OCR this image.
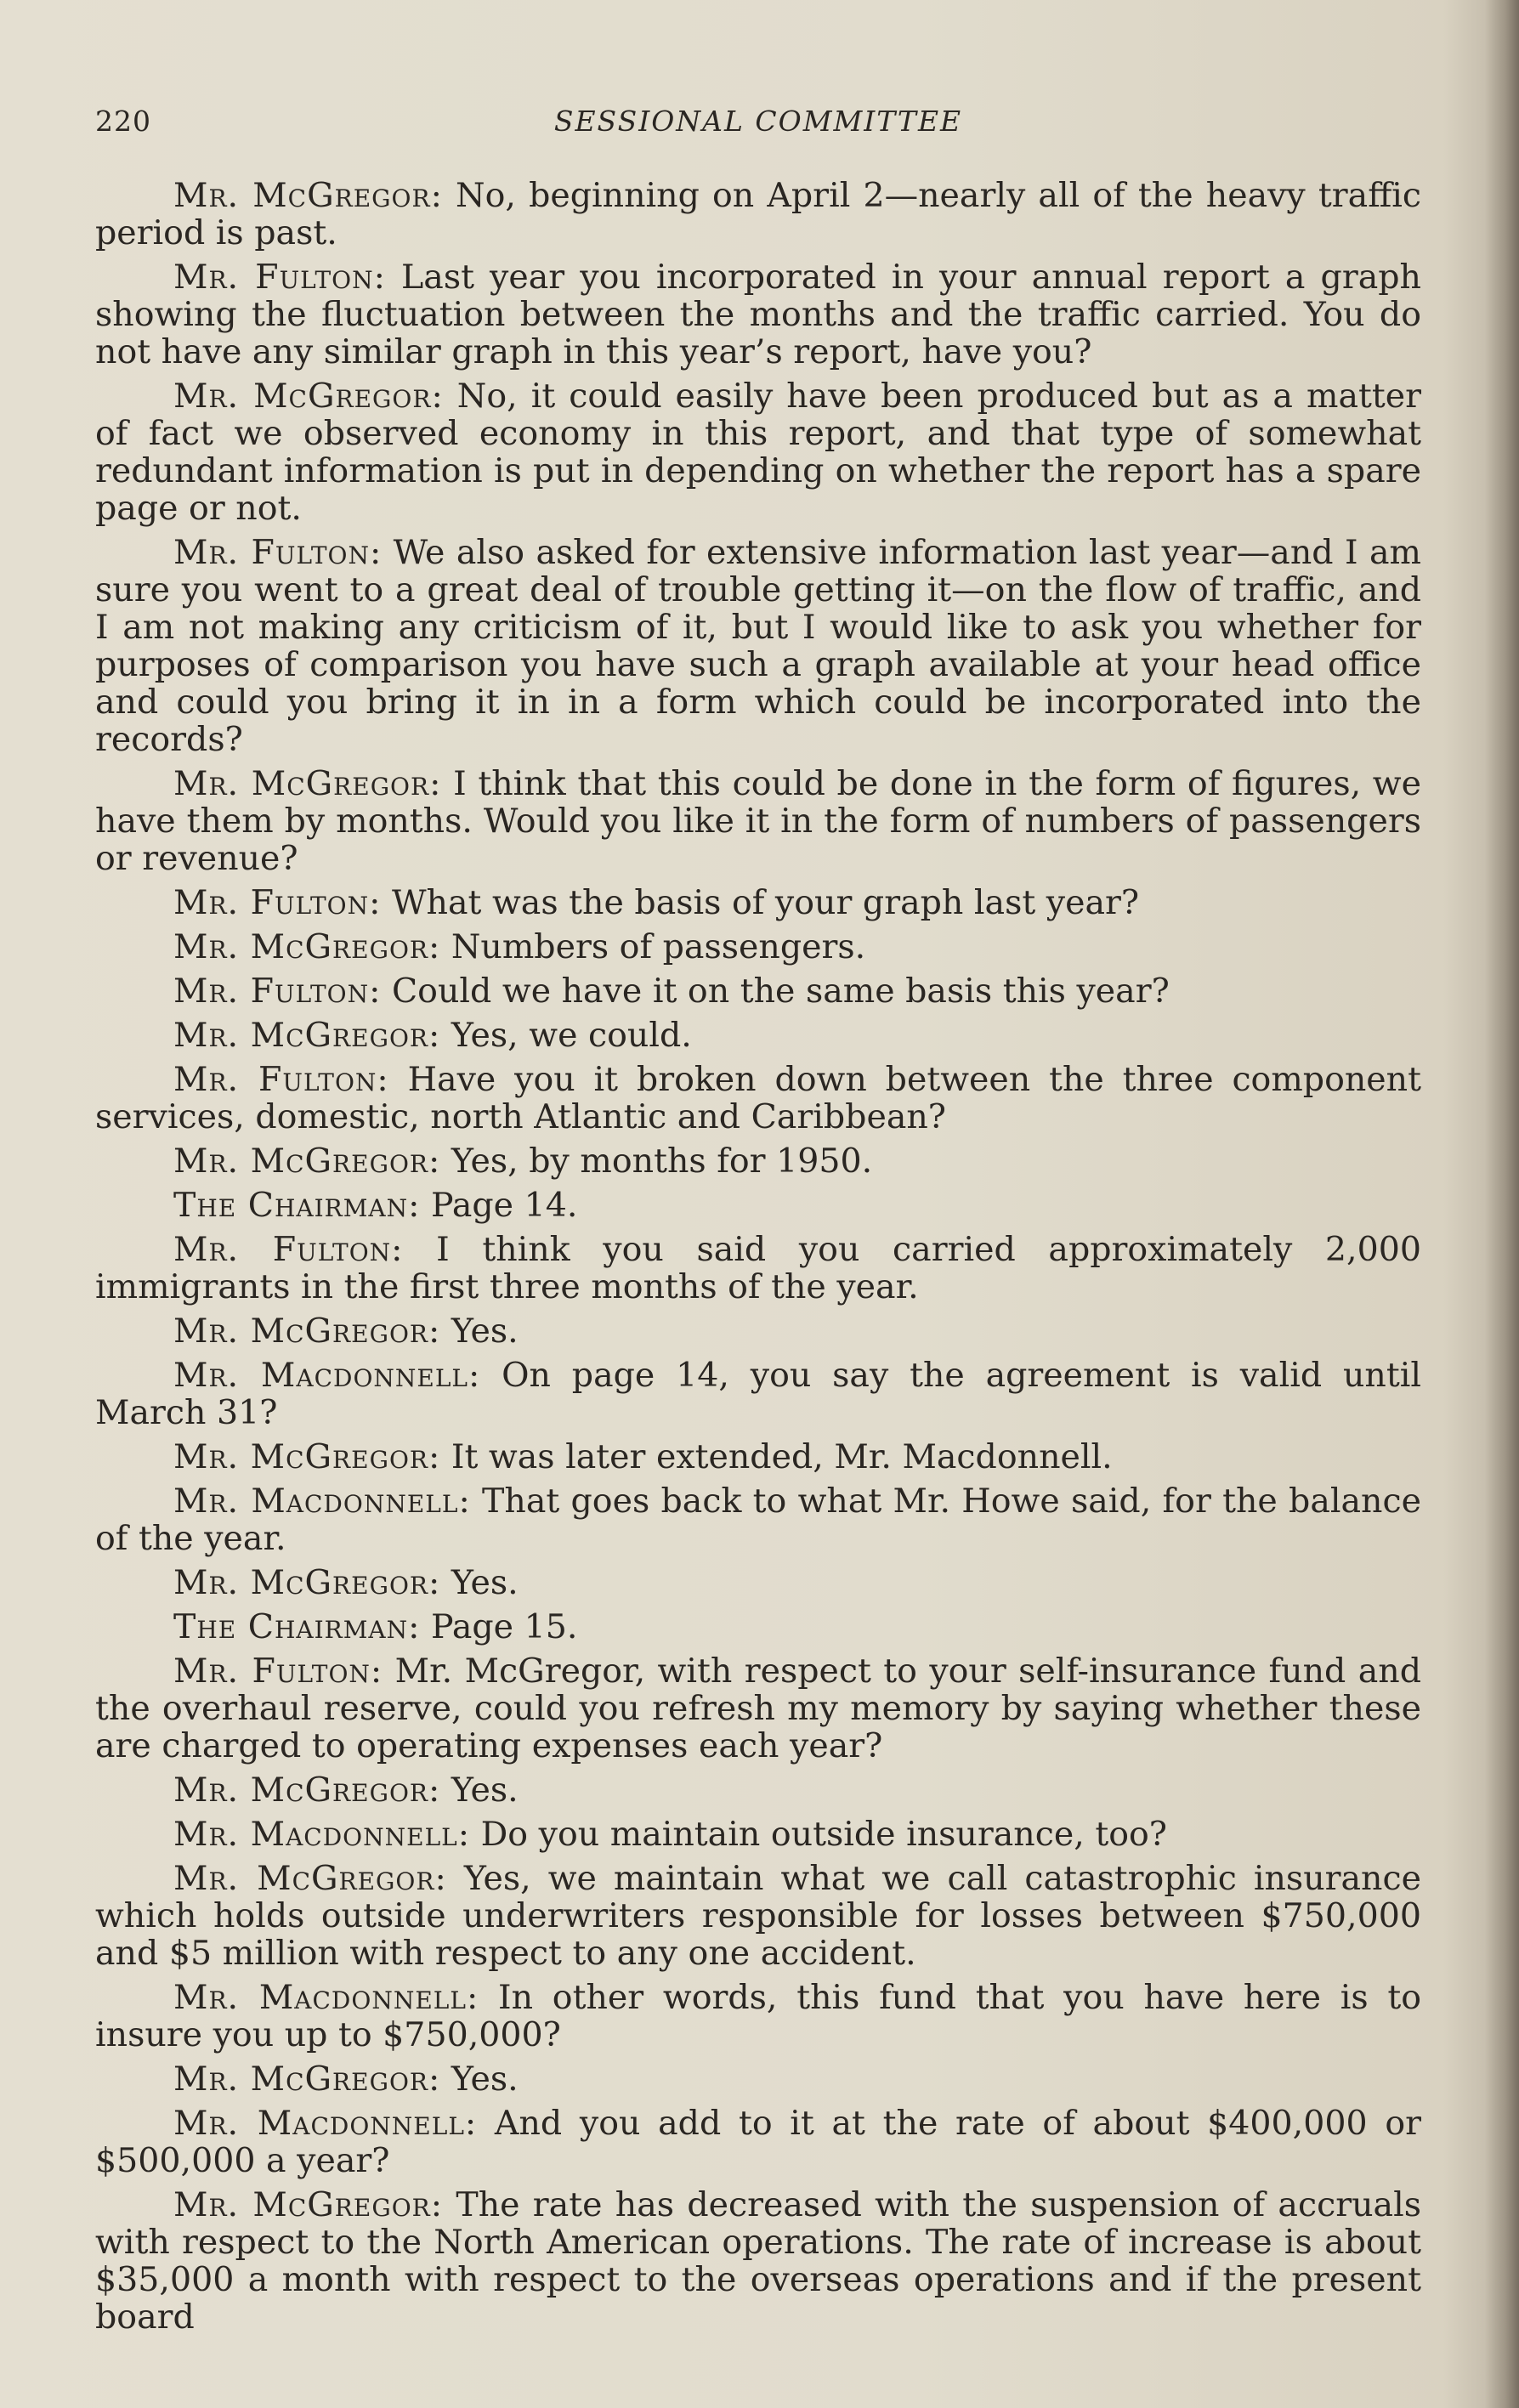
220	SESSIONAL COMMITTEE

Mr. McGregor: No, beginning on April 2—nearly all of the heavy traffic period is past.

Mr. Fulton: Last year you incorporated in your annual report a graph showing the fluctuation between the months and the traffic carried. You do not have any similar graph in this year’s report, have you?

Mr. McGregor: No, it could easily have been produced but as a matter of fact we observed economy in this report, and that type of somewhat redundant information is put in depending on whether the report has a spare page or not.

Mr. Fulton: We also asked for extensive information last year—and I am sure you went to a great deal of trouble getting it—on the flow of traffic, and I am not making any criticism of it, but I would like to ask you whether for purposes of comparison you have such a graph available at your head office and could you bring it in in a form which could be incorporated into the records?

Mr. McGregor: I think that this could be done in the form of figures, we have them by months. Would you like it in the form of numbers of passengers or revenue?

Mr. Fulton: What was the basis of your graph last year?

Mr. McGregor: Numbers of passengers.

Mr. Fulton: Could we have it on the same basis this year?

Mr. McGregor: Yes, we could.

Mr. Fulton: Have you it broken down between the three component services, domestic, north Atlantic and Caribbean?

Mr. McGregor: Yes, by months for 1950.

The Chairman: Page 14.

Mr. Fulton: I think you said you carried approximately 2,000 immigrants in the first three months of the year.

Mr. McGregor: Yes.

Mr. Macdonnell: On page 14, you say the agreement is valid until March 31?

Mr. McGregor: It was later extended, Mr. Macdonnell.

Mr. Macdonnell: That goes back to what Mr. Howe said, for the balance of the year.

Mr. McGregor: Yes.

The Chairman: Page 15.

Mr. Fulton: Mr. McGregor, with respect to your self-insurance fund and the overhaul reserve, could you refresh my memory by saying whether these are charged to operating expenses each year?

Mr. McGregor: Yes.

Mr. Macdonnell: Do you maintain outside insurance, too?

Mr. McGregor: Yes, we maintain what we call catastrophic insurance which holds outside underwriters responsible for losses between $750,000 and $5 million with respect to any one accident.

Mr. Macdonnell: In other words, this fund that you have here is to insure you up to $750,000?

Mr. McGregor: Yes.

Mr. Macdonnell: And you add to it at the rate of about $400,000 or $500,000 a year?

Mr. McGregor: The rate has decreased with the suspension of accruals with respect to the North American operations. The rate of increase is about $35,000 a month with respect to the overseas operations and if the present board
